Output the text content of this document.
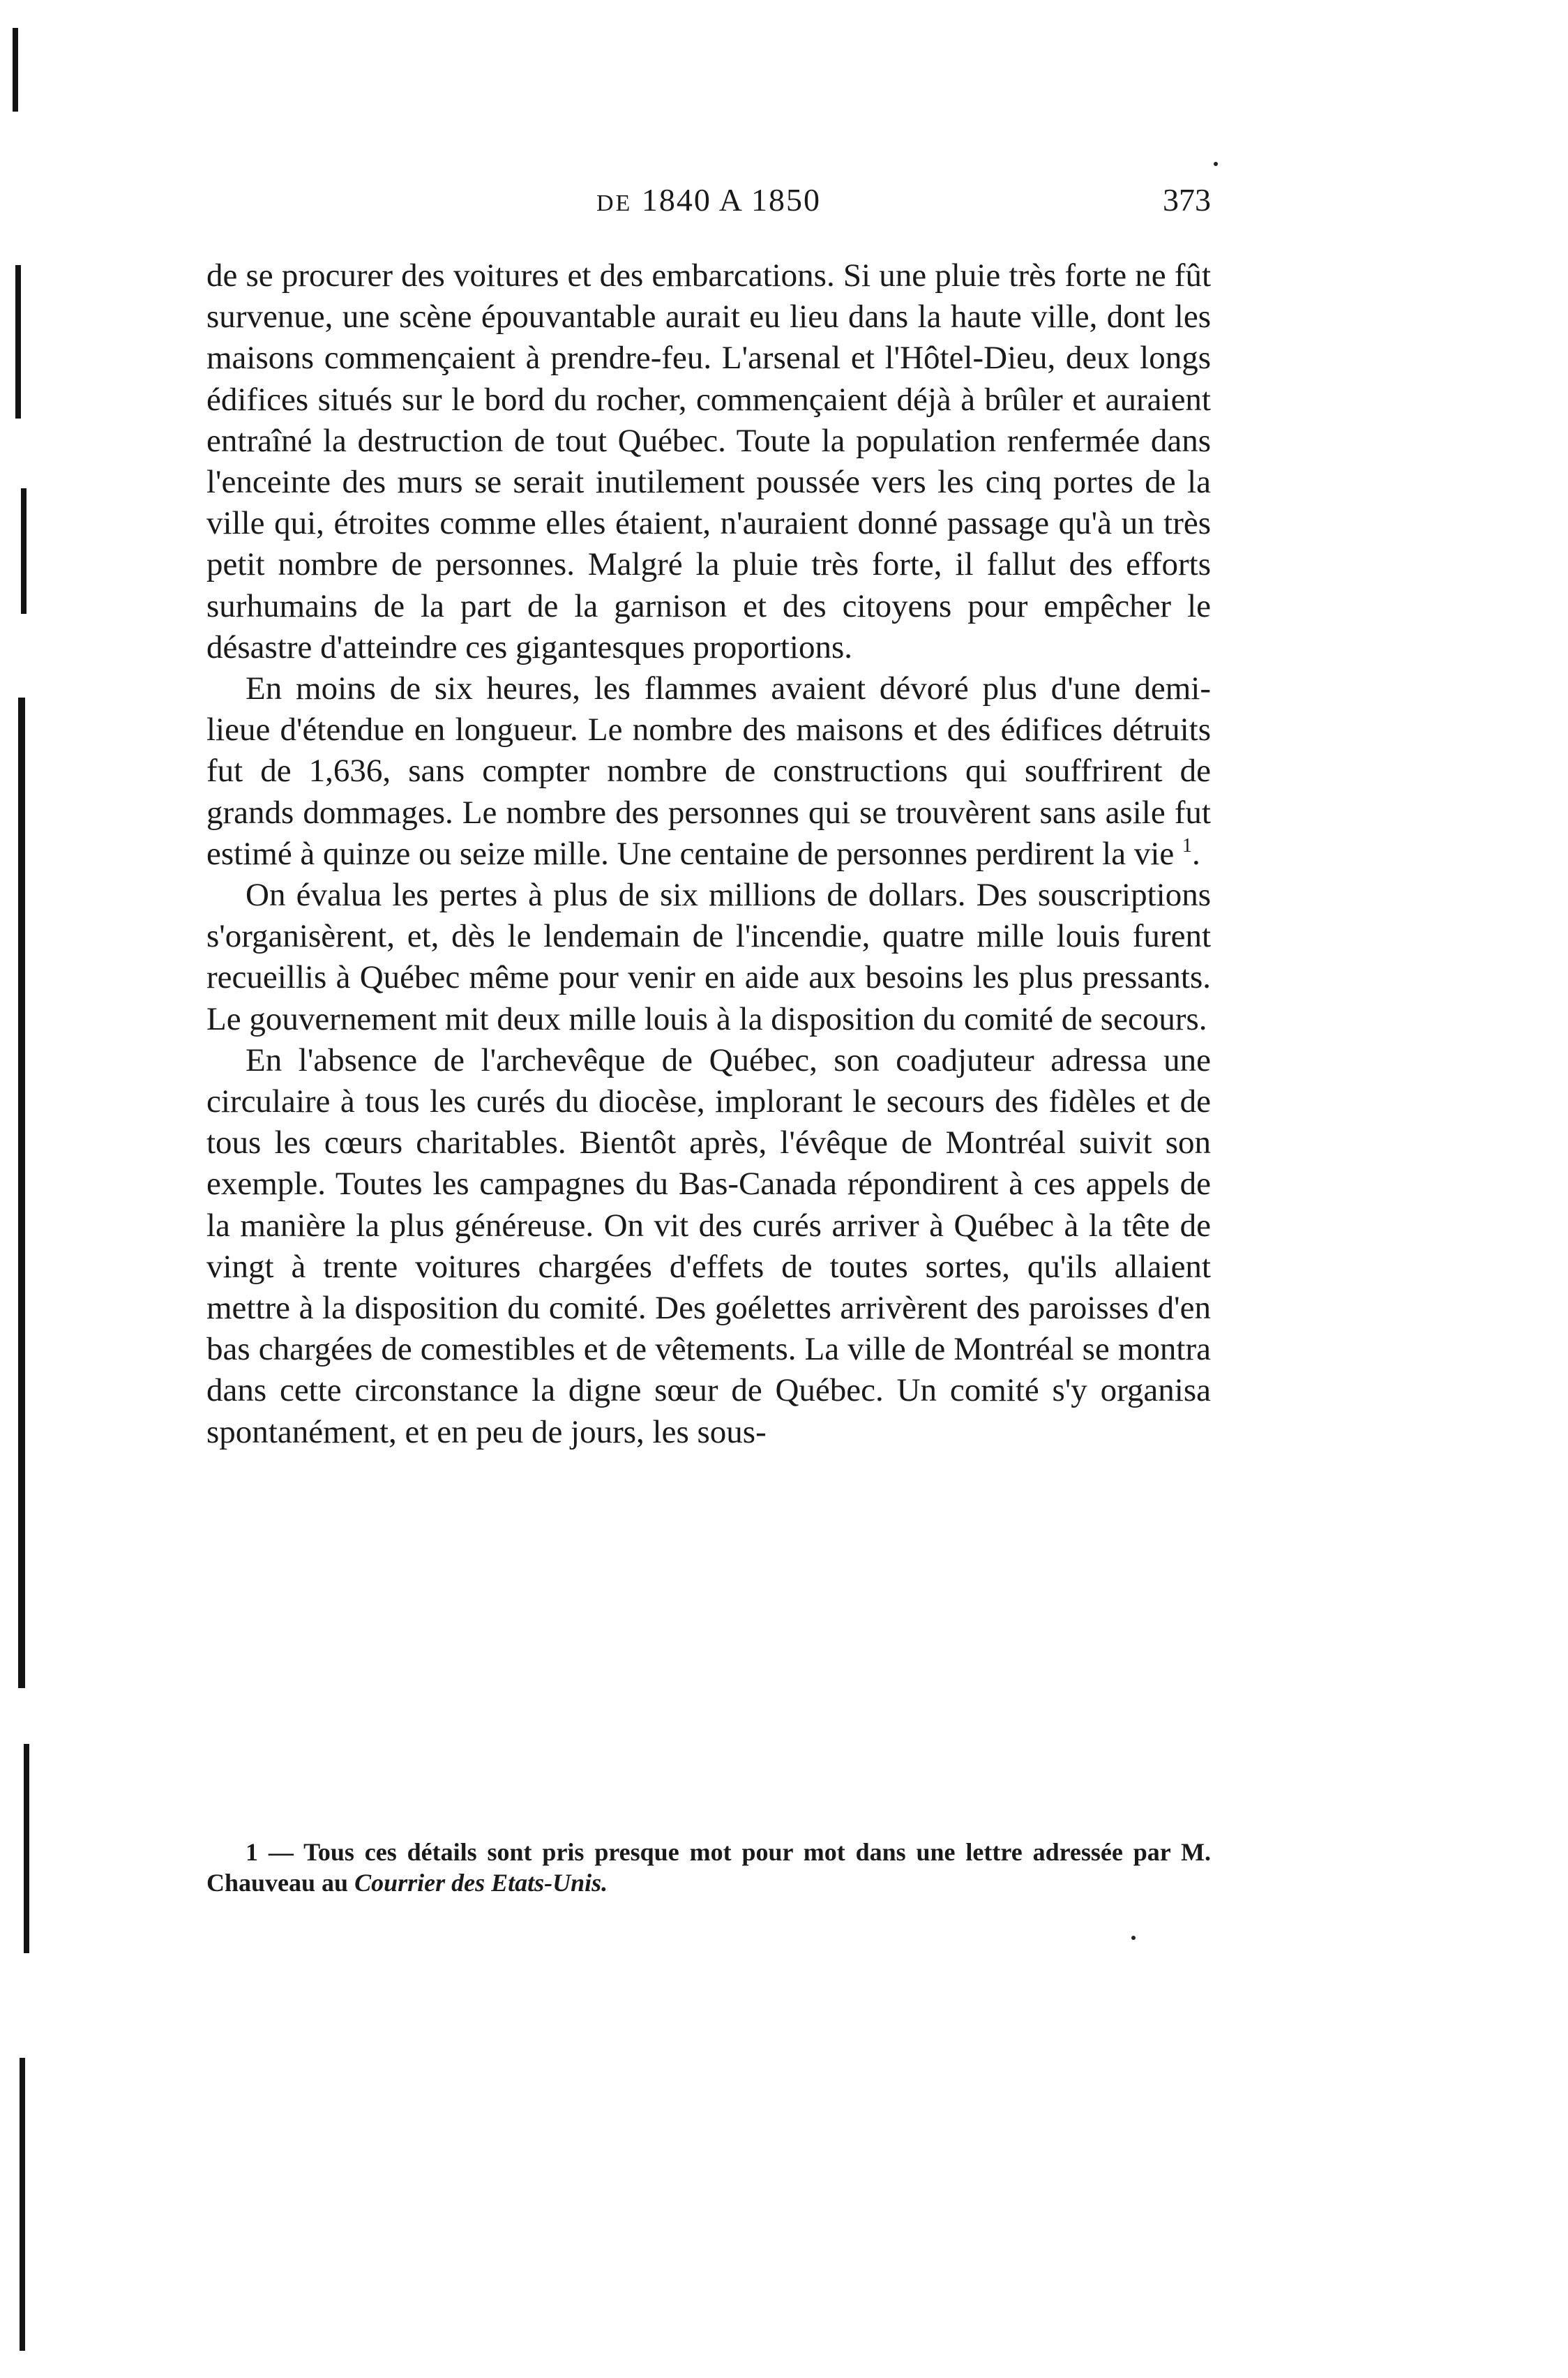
DE 1840 A 1850	373

de se procurer des voitures et des embarcations. Si une pluie très forte ne fût survenue, une scène épouvantable aurait eu lieu dans la haute ville, dont les maisons commençaient à prendre-feu. L'arsenal et l'Hôtel-Dieu, deux longs édifices situés sur le bord du rocher, commençaient déjà à brûler et auraient entraîné la destruction de tout Québec. Toute la population renfermée dans l'enceinte des murs se serait inutilement poussée vers les cinq portes de la ville qui, étroites comme elles étaient, n'auraient donné passage qu'à un très petit nombre de personnes. Malgré la pluie très forte, il fallut des efforts surhumains de la part de la garnison et des citoyens pour empêcher le désastre d'atteindre ces gigantesques proportions.

En moins de six heures, les flammes avaient dévoré plus d'une demi-lieue d'étendue en longueur. Le nombre des maisons et des édifices détruits fut de 1,636, sans compter nombre de constructions qui souffrirent de grands dommages. Le nombre des personnes qui se trouvèrent sans asile fut estimé à quinze ou seize mille. Une centaine de personnes perdirent la vie $^1$.

On évalua les pertes à plus de six millions de dollars. Des souscriptions s'organisèrent, et, dès le lendemain de l'incendie, quatre mille louis furent recueillis à Québec même pour venir en aide aux besoins les plus pressants. Le gouvernement mit deux mille louis à la disposition du comité de secours.

En l'absence de l'archevêque de Québec, son coadjuteur adressa une circulaire à tous les curés du diocèse, implorant le secours des fidèles et de tous les cœurs charitables. Bientôt après, l'évêque de Montréal suivit son exemple. Toutes les campagnes du Bas-Canada répondirent à ces appels de la manière la plus généreuse. On vit des curés arriver à Québec à la tête de vingt à trente voitures chargées d'effets de toutes sortes, qu'ils allaient mettre à la disposition du comité. Des goélettes arrivèrent des paroisses d'en bas chargées de comestibles et de vêtements. La ville de Montréal se montra dans cette circonstance la digne sœur de Québec. Un comité s'y organisa spontanément, et en peu de jours, les sous-

1 — Tous ces détails sont pris presque mot pour mot dans une lettre adressée par M. Chauveau au Courrier des Etats-Unis.
